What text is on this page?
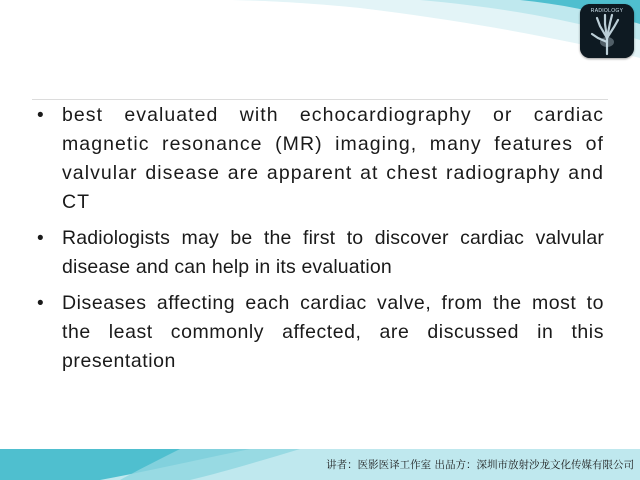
RADIOLOGY
• best evaluated with echocardiography or cardiac magnetic resonance (MR) imaging, many features of valvular disease are apparent at chest radiography and CT
• Radiologists may be the first to discover cardiac valvular disease and can help in its evaluation
• Diseases affecting each cardiac valve, from the most to the least commonly affected, are discussed in this presentation
讲者：医影医译工作室 出品方：深圳市放射沙龙文化传媒有限公司
